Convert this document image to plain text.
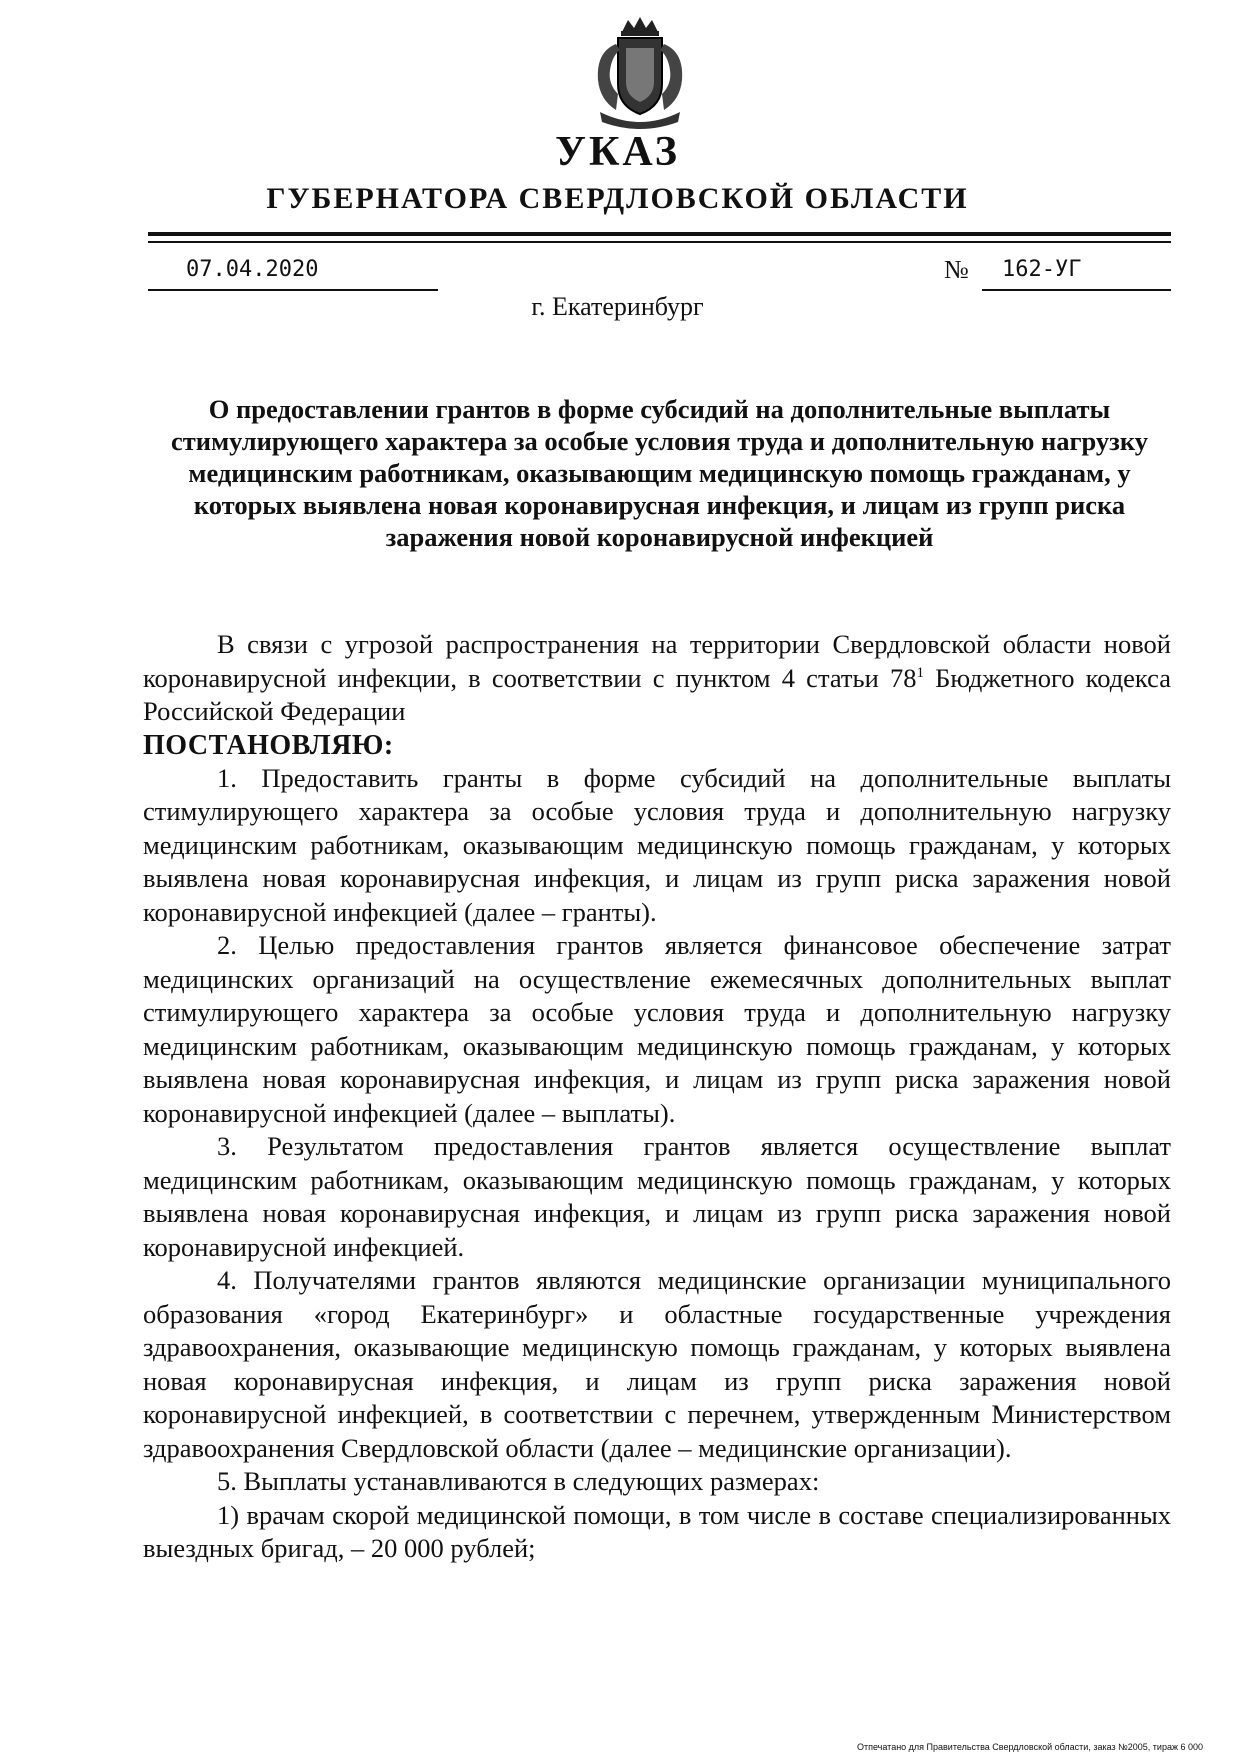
УКАЗ
ГУБЕРНАТОРА СВЕРДЛОВСКОЙ ОБЛАСТИ
07.04.2020	№	162-УГ
г. Екатеринбург
О предоставлении грантов в форме субсидий на дополнительные выплаты стимулирующего характера за особые условия труда и дополнительную нагрузку медицинским работникам, оказывающим медицинскую помощь гражданам, у которых выявлена новая коронавирусная инфекция, и лицам из групп риска заражения новой коронавирусной инфекцией

В связи с угрозой распространения на территории Свердловской области новой коронавирусной инфекции, в соответствии с пунктом 4 статьи $78^1$ Бюджетного кодекса Российской Федерации

ПОСТАНОВЛЯЮ:

1. Предоставить гранты в форме субсидий на дополнительные выплаты стимулирующего характера за особые условия труда и дополнительную нагрузку медицинским работникам, оказывающим медицинскую помощь гражданам, у которых выявлена новая коронавирусная инфекция, и лицам из групп риска заражения новой коронавирусной инфекцией (далее – гранты).

2. Целью предоставления грантов является финансовое обеспечение затрат медицинских организаций на осуществление ежемесячных дополнительных выплат стимулирующего характера за особые условия труда и дополнительную нагрузку медицинским работникам, оказывающим медицинскую помощь гражданам, у которых выявлена новая коронавирусная инфекция, и лицам из групп риска заражения новой коронавирусной инфекцией (далее – выплаты).

3. Результатом предоставления грантов является осуществление выплат медицинским работникам, оказывающим медицинскую помощь гражданам, у которых выявлена новая коронавирусная инфекция, и лицам из групп риска заражения новой коронавирусной инфекцией.

4. Получателями грантов являются медицинские организации муниципального образования «город Екатеринбург» и областные государственные учреждения здравоохранения, оказывающие медицинскую помощь гражданам, у которых выявлена новая коронавирусная инфекция, и лицам из групп риска заражения новой коронавирусной инфекцией, в соответствии с перечнем, утвержденным Министерством здравоохранения Свердловской области (далее – медицинские организации).

5. Выплаты устанавливаются в следующих размерах:

1) врачам скорой медицинской помощи, в том числе в составе специализированных выездных бригад, – 20 000 рублей;

Отпечатано для Правительства Свердловской области, заказ №2005, тираж 6 000
